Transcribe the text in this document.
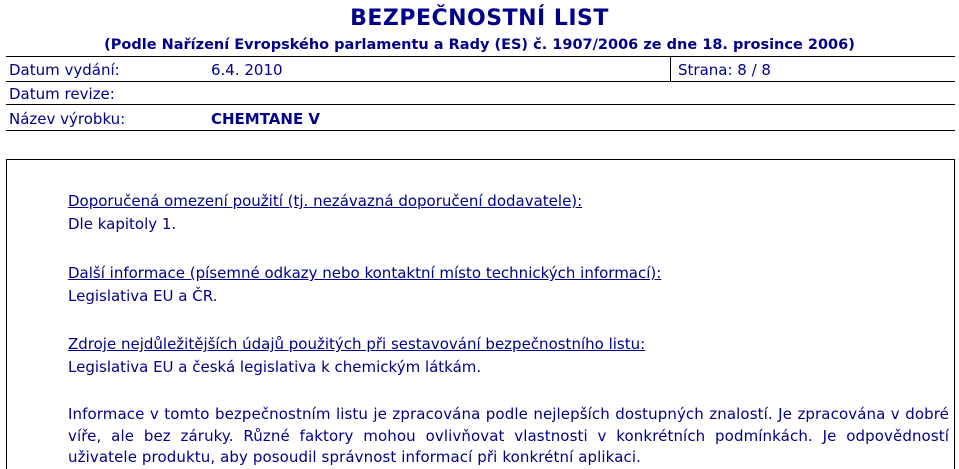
BEZPEČNOSTNÍ LIST
(Podle Nařízení Evropského parlamentu a Rady (ES) č. 1907/2006 ze dne 18. prosince 2006)
Datum vydání:	6.4. 2010	Strana: 8 / 8
Datum revize:
Název výrobku:	CHEMTANE V
Doporučená omezení použití (tj. nezávazná doporučení dodavatele):
Dle kapitoly 1.
Další informace (písemné odkazy nebo kontaktní místo technických informací):
Legislativa EU a ČR.
Zdroje nejdůležitějších údajů použitých při sestavování bezpečnostního listu:
Legislativa EU a česká legislativa k chemickým látkám.
Informace v tomto bezpečnostním listu je zpracována podle nejlepších dostupných znalostí. Je zpracována v dobré víře, ale bez záruky. Různé faktory mohou ovlivňovat vlastnosti v konkrétních podmínkách. Je odpovědností uživatele produktu, aby posoudil správnost informací při konkrétní aplikaci.
